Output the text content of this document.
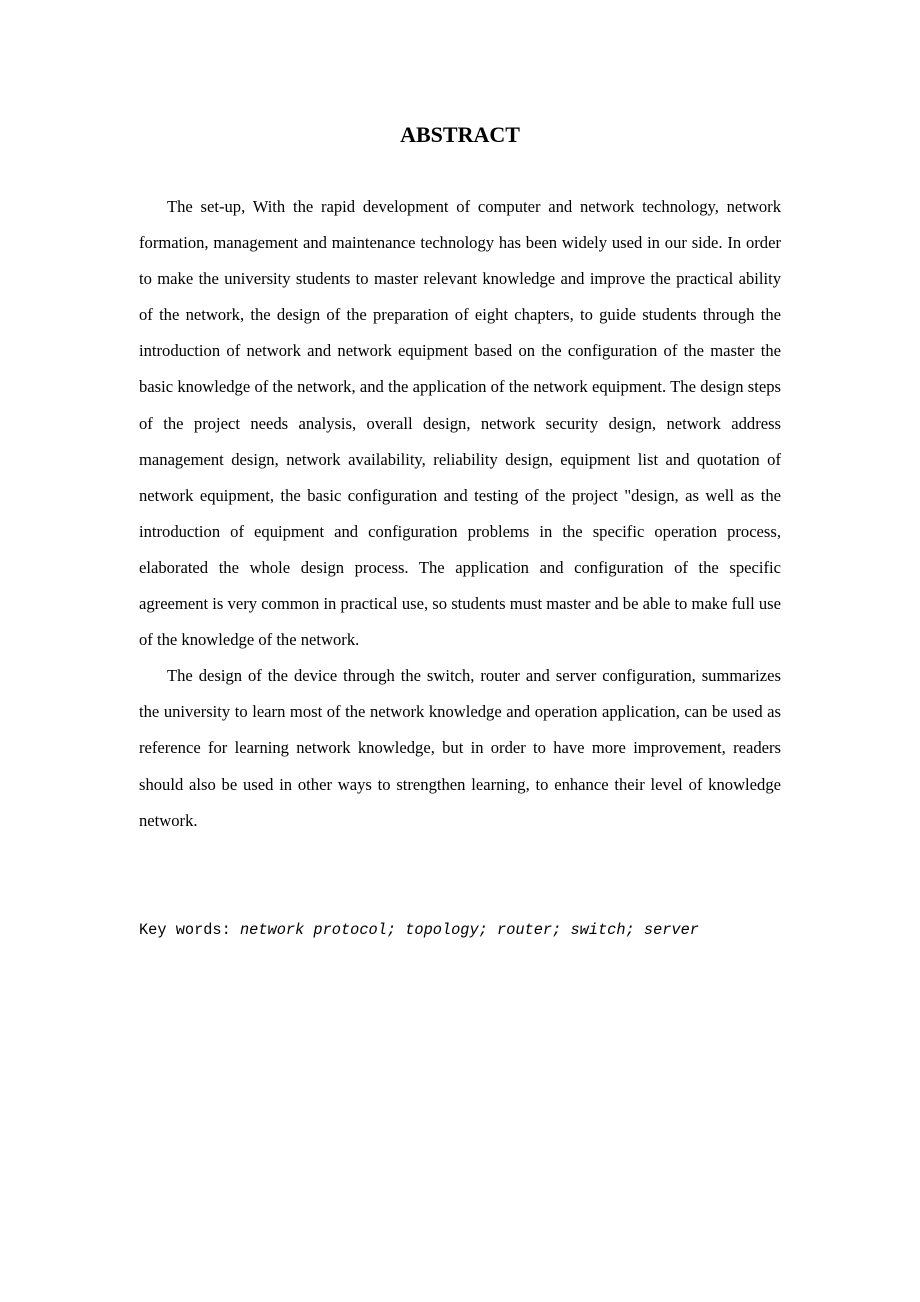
ABSTRACT

The set-up, With the rapid development of computer and network technology, network formation, management and maintenance technology has been widely used in our side. In order to make the university students to master relevant knowledge and improve the practical ability of the network, the design of the preparation of eight chapters, to guide students through the introduction of network and network equipment based on the configuration of the master the basic knowledge of the network, and the application of the network equipment. The design steps of the project needs analysis, overall design, network security design, network address management design, network availability, reliability design, equipment list and quotation of network equipment, the basic configuration and testing of the project "design, as well as the introduction of equipment and configuration problems in the specific operation process, elaborated the whole design process. The application and configuration of the specific agreement is very common in practical use, so students must master and be able to make full use of the knowledge of the network.

The design of the device through the switch, router and server configuration, summarizes the university to learn most of the network knowledge and operation application, can be used as reference for learning network knowledge, but in order to have more improvement, readers should also be used in other ways to strengthen learning, to enhance their level of knowledge network.

Key words: network protocol; topology; router; switch; server
